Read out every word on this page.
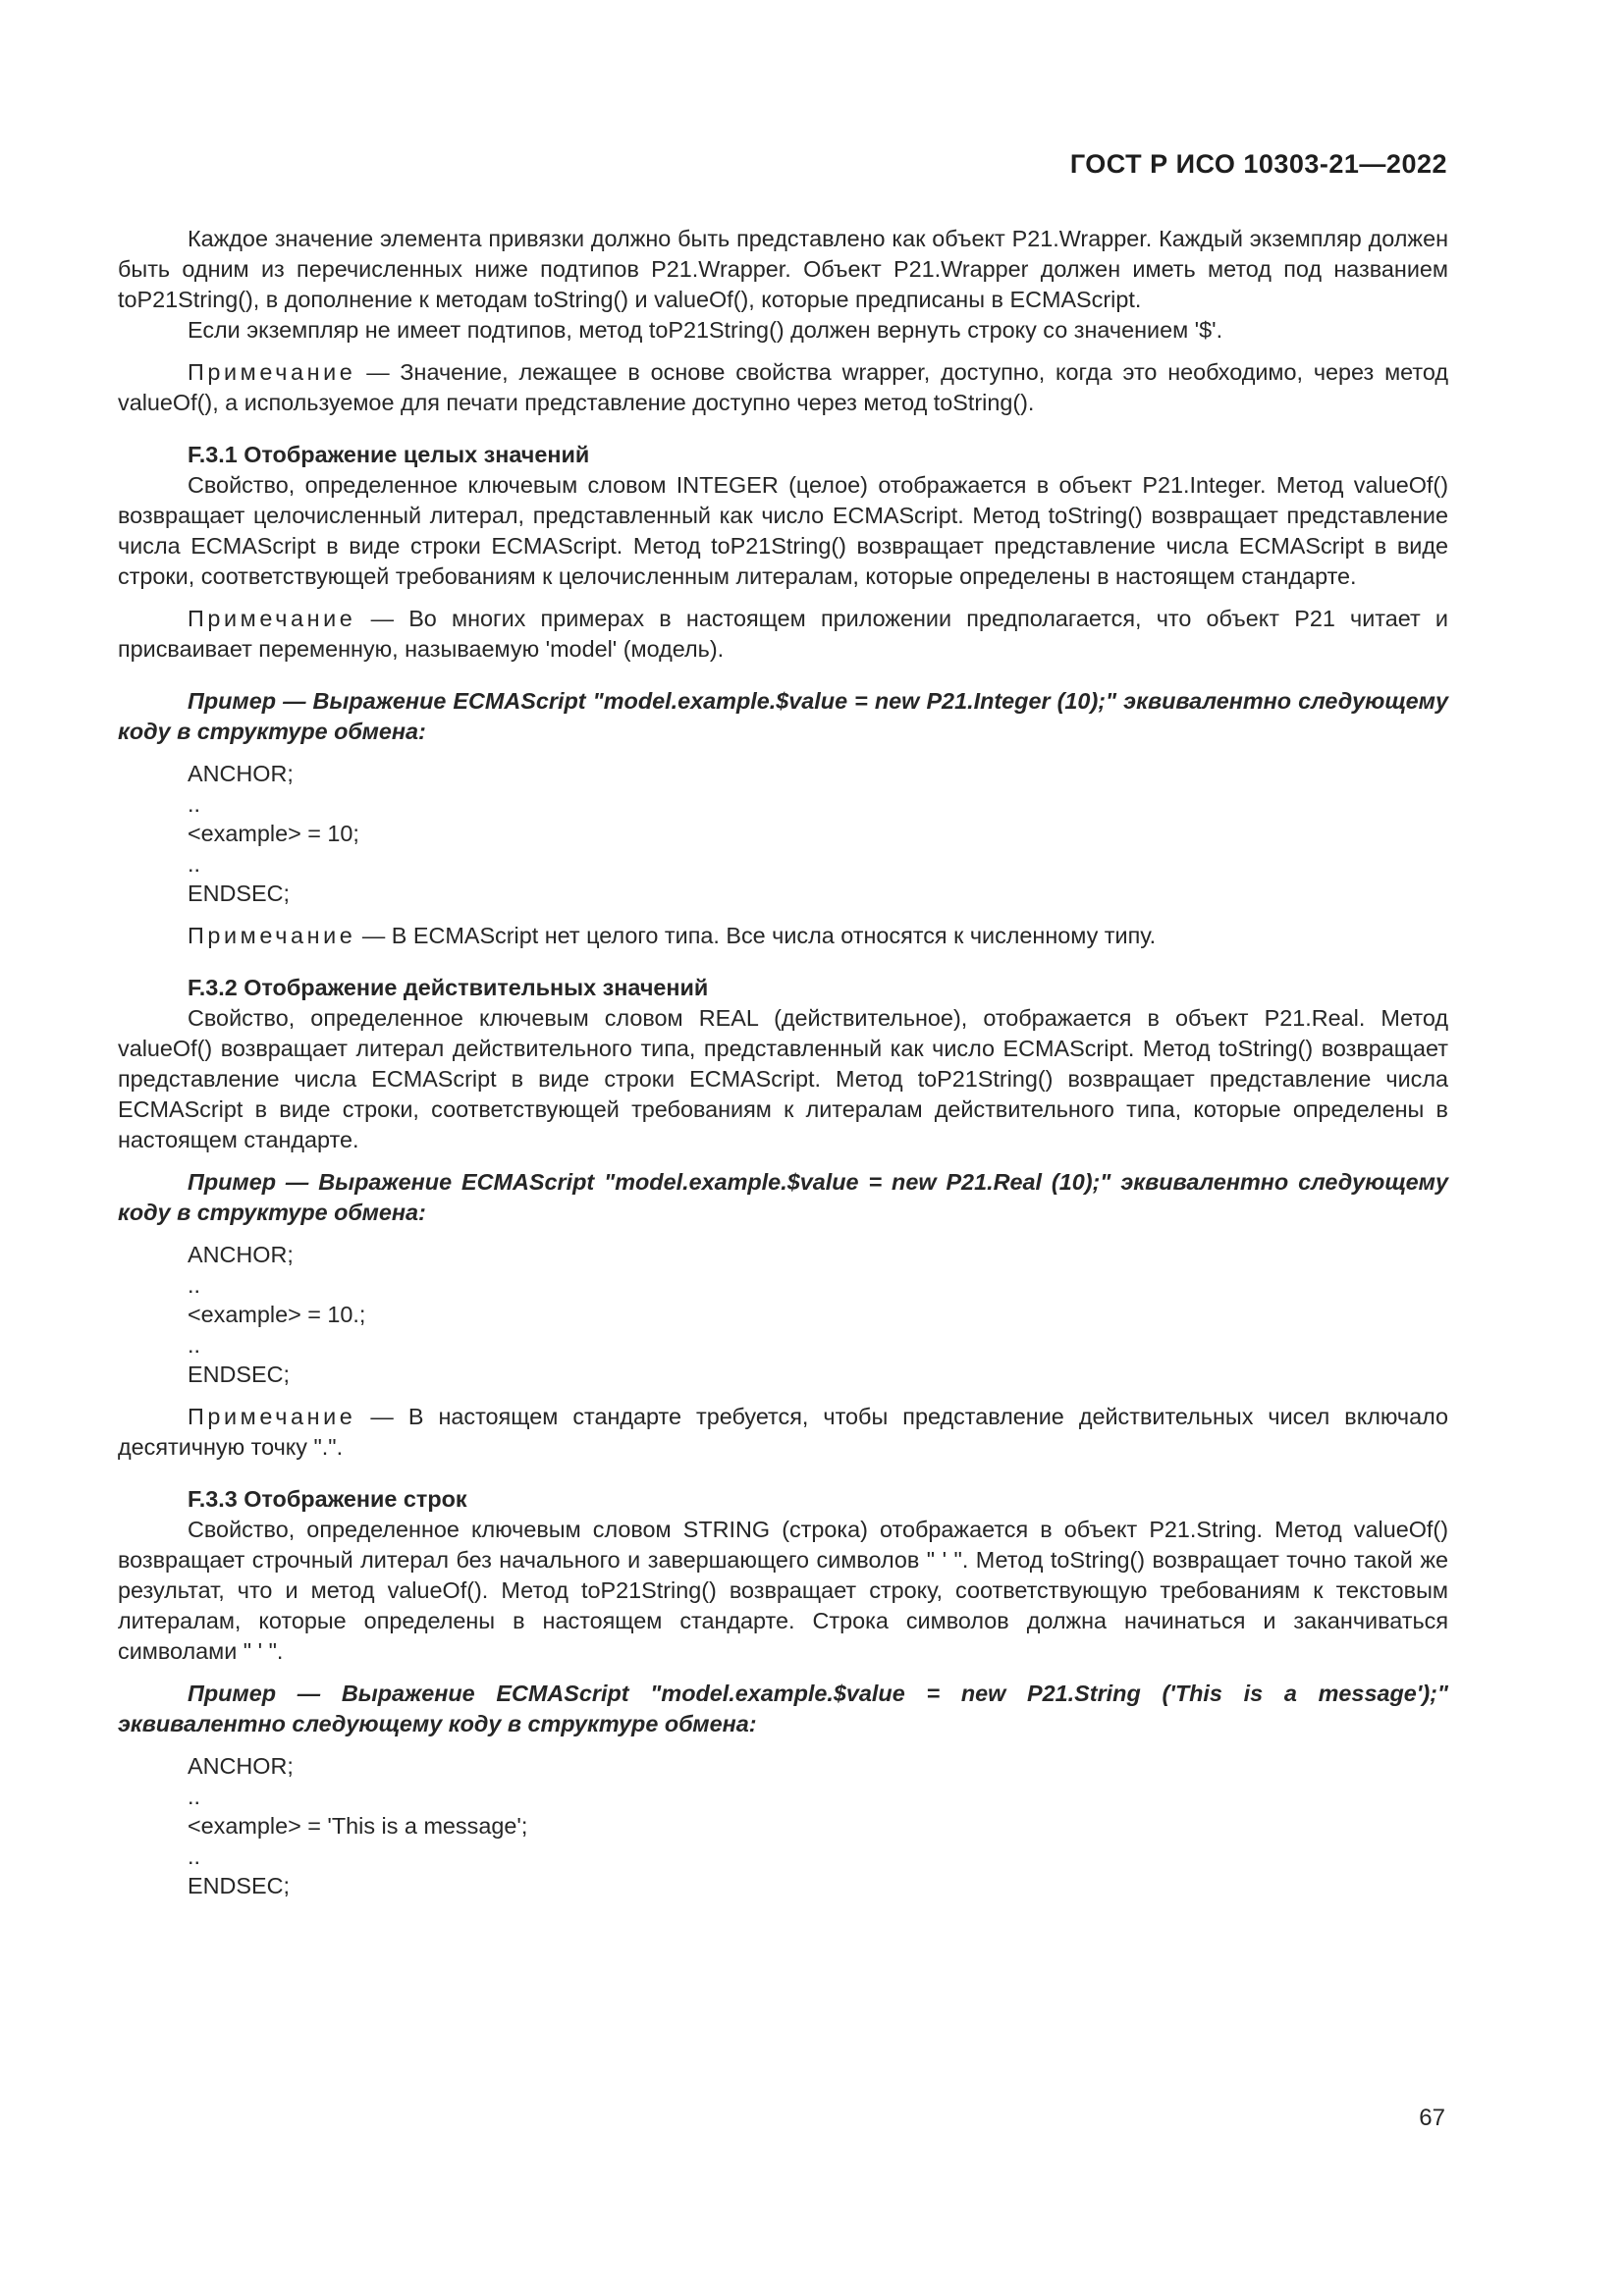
ГОСТ Р ИСО 10303-21—2022

Каждое значение элемента привязки должно быть представлено как объект P21.Wrapper. Каждый экземпляр должен быть одним из перечисленных ниже подтипов P21.Wrapper. Объект P21.Wrapper должен иметь метод под названием toP21String(), в дополнение к методам toString() и valueOf(), которые предписаны в ECMAScript.

Если экземпляр не имеет подтипов, метод toP21String() должен вернуть строку со значением '$'.

Примечание — Значение, лежащее в основе свойства wrapper, доступно, когда это необходимо, через метод valueOf(), а используемое для печати представление доступно через метод toString().

F.3.1 Отображение целых значений

Свойство, определенное ключевым словом INTEGER (целое) отображается в объект P21.Integer. Метод valueOf() возвращает целочисленный литерал, представленный как число ECMAScript. Метод toString() возвращает представление числа ECMAScript в виде строки ECMAScript. Метод toP21String() возвращает представление числа ECMAScript в виде строки, соответствующей требованиям к целочисленным литералам, которые определены в настоящем стандарте.

Примечание — Во многих примерах в настоящем приложении предполагается, что объект P21 читает и присваивает переменную, называемую 'model' (модель).

Пример — Выражение ECMAScript "model.example.$value = new P21.Integer (10);" эквивалентно следующему коду в структуре обмена:

ANCHOR;
..
<example> = 10;
..
ENDSEC;

Примечание — В ECMAScript нет целого типа. Все числа относятся к численному типу.

F.3.2 Отображение действительных значений

Свойство, определенное ключевым словом REAL (действительное), отображается в объект P21.Real. Метод valueOf() возвращает литерал действительного типа, представленный как число ECMAScript. Метод toString() возвращает представление числа ECMAScript в виде строки ECMAScript. Метод toP21String() возвращает представление числа ECMAScript в виде строки, соответствующей требованиям к литералам действительного типа, которые определены в настоящем стандарте.

Пример — Выражение ECMAScript "model.example.$value = new P21.Real (10);" эквивалентно следующему коду в структуре обмена:

ANCHOR;
..
<example> = 10.;
..
ENDSEC;

Примечание — В настоящем стандарте требуется, чтобы представление действительных чисел включало десятичную точку ".".

F.3.3 Отображение строк

Свойство, определенное ключевым словом STRING (строка) отображается в объект P21.String. Метод valueOf() возвращает строчный литерал без начального и завершающего символов " ' ". Метод toString() возвращает точно такой же результат, что и метод valueOf(). Метод toP21String() возвращает строку, соответствующую требованиям к текстовым литералам, которые определены в настоящем стандарте. Строка символов должна начинаться и заканчиваться символами " ' ".

Пример — Выражение ECMAScript "model.example.$value = new P21.String ('This is a message');" эквивалентно следующему коду в структуре обмена:

ANCHOR;
..
<example> = 'This is a message';
..
ENDSEC;
67
